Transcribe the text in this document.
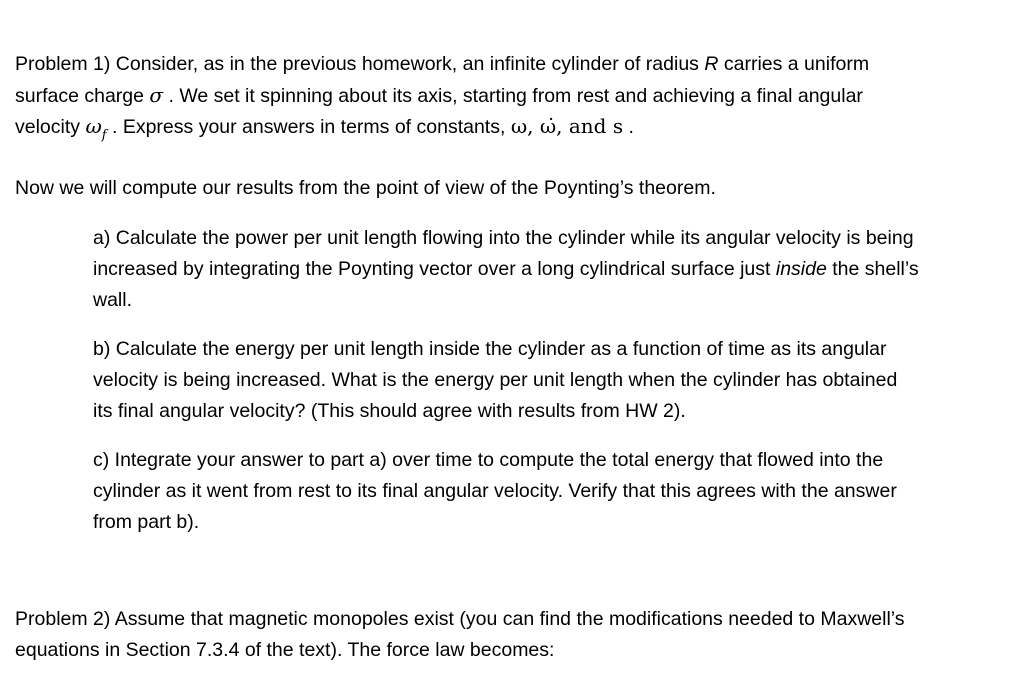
Problem 1) Consider, as in the previous homework, an infinite cylinder of radius R carries a uniform
surface charge σ . We set it spinning about its axis, starting from rest and achieving a final angular
velocity $\omega_f$ . Express your answers in terms of constants, ω, ω̇, and s .
Now we will compute our results from the point of view of the Poynting’s theorem.
a) Calculate the power per unit length flowing into the cylinder while its angular velocity is being
increased by integrating the Poynting vector over a long cylindrical surface just inside the shell’s
wall.
b) Calculate the energy per unit length inside the cylinder as a function of time as its angular
velocity is being increased. What is the energy per unit length when the cylinder has obtained
its final angular velocity? (This should agree with results from HW 2).
c) Integrate your answer to part a) over time to compute the total energy that flowed into the
cylinder as it went from rest to its final angular velocity. Verify that this agrees with the answer
from part b).
Problem 2) Assume that magnetic monopoles exist (you can find the modifications needed to Maxwell’s
equations in Section 7.3.4 of the text). The force law becomes:
